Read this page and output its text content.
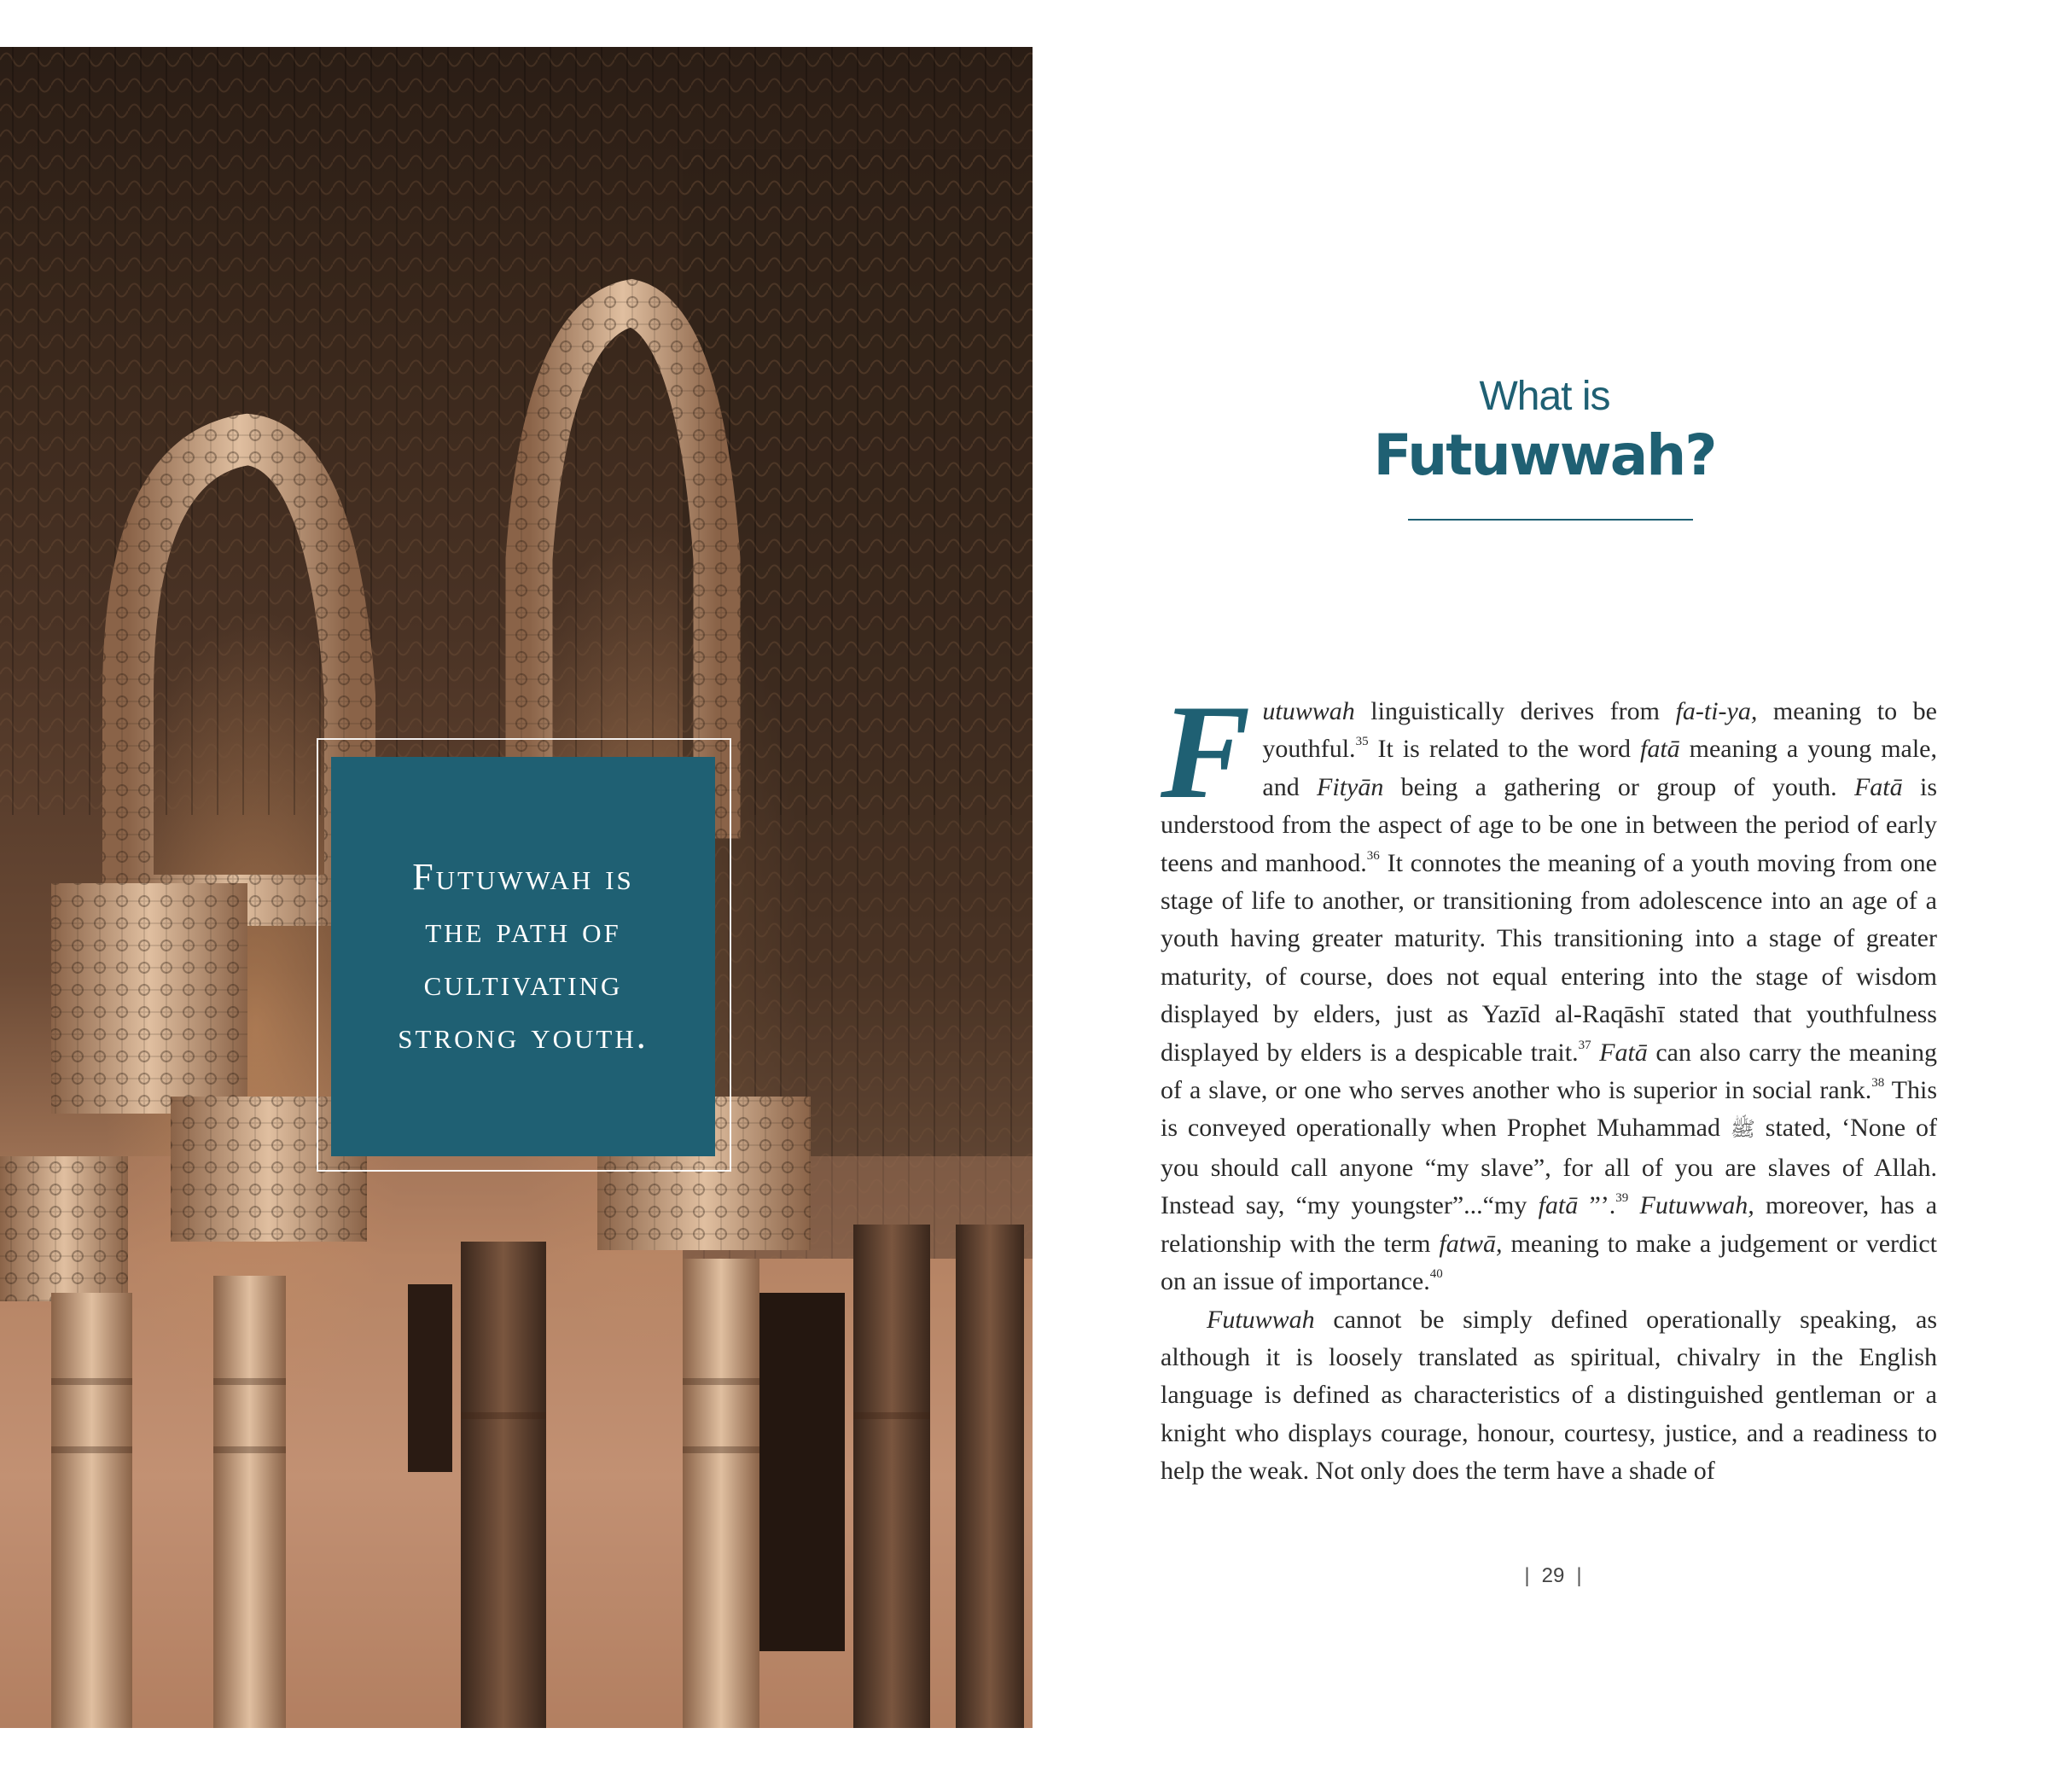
Futuwwah is
the path of
cultivating
strong youth.
What is
Futuwwah?

F utuwwah linguistically derives from fa-ti-ya, meaning to be youthful.$^{35}$ It is related to the word fatā meaning a young male, and Fityān being a gathering or group of youth. Fatā is understood from the aspect of age to be one in between the period of early teens and manhood.$^{36}$ It connotes the meaning of a youth moving from one stage of life to another, or transitioning from adolescence into an age of a youth having greater maturity. This transitioning into a stage of greater maturity, of course, does not equal entering into the stage of wisdom displayed by elders, just as Yazīd al-Raqāshī stated that youthfulness displayed by elders is a despicable trait.$^{37}$ Fatā can also carry the meaning of a slave, or one who serves another who is superior in social rank.$^{38}$ This is conveyed operationally when Prophet Muhammad ﷺ stated, ‘None of you should call anyone “my slave”, for all of you are slaves of Allah. Instead say, “my youngster”...“my fatā ”’.$^{39}$ Futuwwah, moreover, has a relationship with the term fatwā, meaning to make a judgement or verdict on an issue of importance.$^{40}$

Futuwwah cannot be simply defined operationally speaking, as although it is loosely translated as spiritual, chivalry in the English language is defined as characteristics of a distinguished gentleman or a knight who displays courage, honour, courtesy, justice, and a readiness to help the weak. Not only does the term have a shade of

| 29 |
